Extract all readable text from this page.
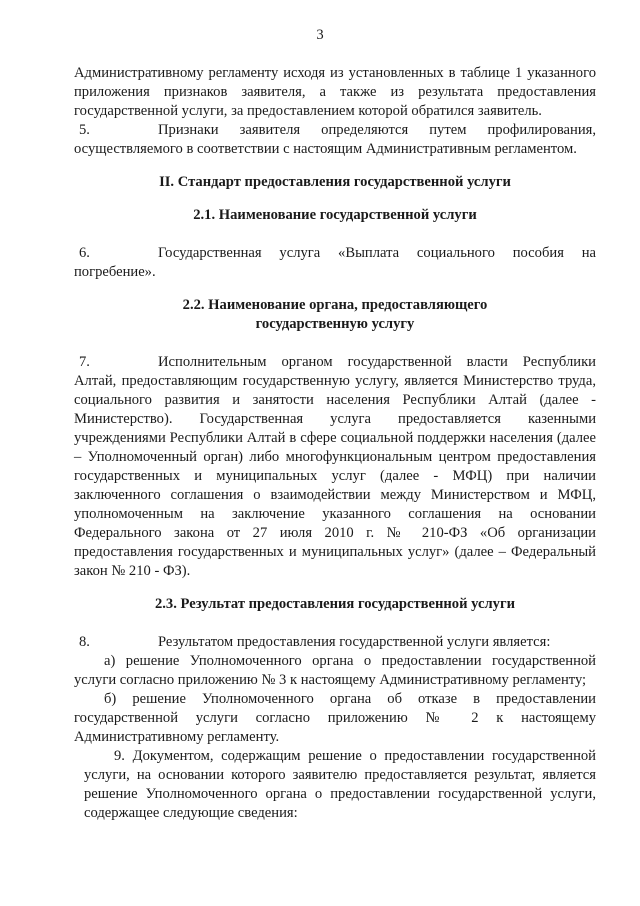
3

Административному регламенту исходя из установленных в таблице 1 указанного приложения признаков заявителя, а также из результата предоставления государственной услуги, за предоставлением которой обратился заявитель.

5.	Признаки заявителя определяются путем профилирования, осуществляемого в соответствии с настоящим Административным регламентом.

II. Стандарт предоставления государственной услуги

2.1. Наименование государственной услуги

6.	Государственная услуга «Выплата социального пособия на погребение».

2.2. Наименование органа, предоставляющего
государственную услугу

7.	Исполнительным органом государственной власти Республики Алтай, предоставляющим государственную услугу, является Министерство труда, социального развития и занятости населения Республики Алтай (далее - Министерство). Государственная услуга предоставляется казенными учреждениями Республики Алтай в сфере социальной поддержки населения (далее – Уполномоченный орган) либо многофункциональным центром предоставления государственных и муниципальных услуг (далее - МФЦ) при наличии заключенного соглашения о взаимодействии между Министерством и МФЦ, уполномоченным на заключение указанного соглашения на основании Федерального закона от 27 июля 2010 г. № 210-ФЗ «Об организации предоставления государственных и муниципальных услуг» (далее – Федеральный закон № 210 - ФЗ).

2.3. Результат предоставления государственной услуги

8.	Результатом предоставления государственной услуги является:

а) решение Уполномоченного органа о предоставлении государственной услуги согласно приложению № 3 к настоящему Административному регламенту;

б) решение Уполномоченного органа об отказе в предоставлении государственной услуги согласно приложению № 2 к настоящему Административному регламенту.

9. Документом, содержащим решение о предоставлении государственной услуги, на основании которого заявителю предоставляется результат, является решение Уполномоченного органа о предоставлении государственной услуги, содержащее следующие сведения:
